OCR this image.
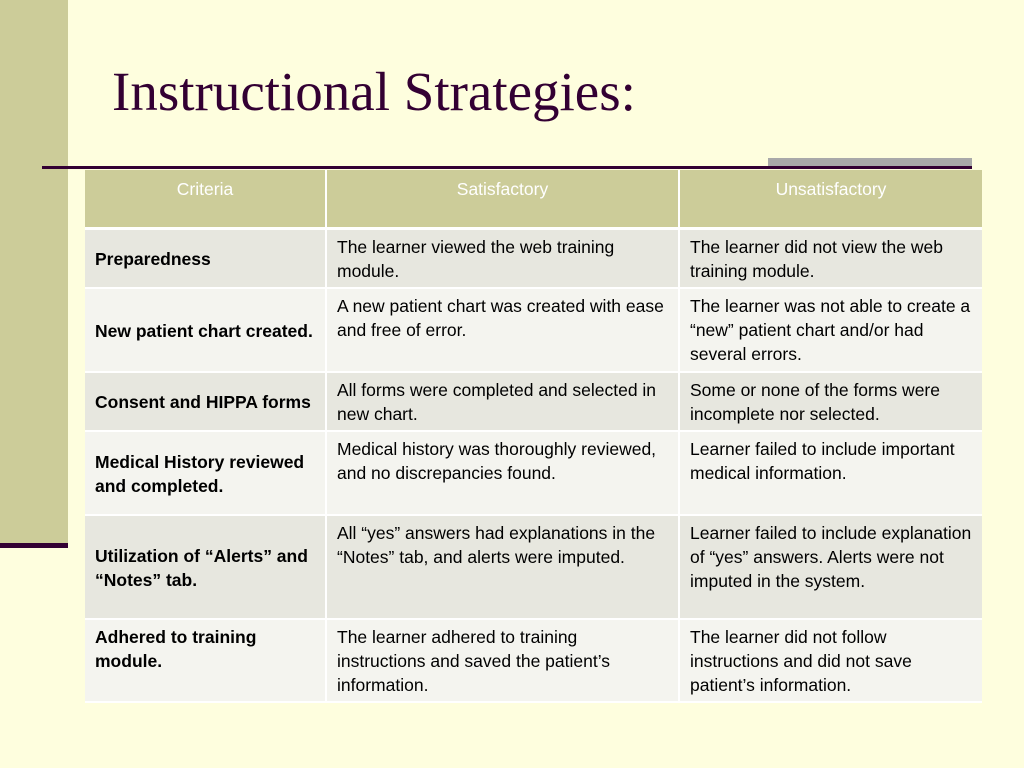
Instructional Strategies:
Criteria	Satisfactory	Unsatisfactory
Preparedness	The learner viewed the web training module.	The learner did not view the web training module.
New patient chart created.	A new patient chart was created with ease and free of error.	The learner was not able to create a “new” patient chart and/or had several errors.
Consent and HIPPA forms	All forms were completed and selected in new chart.	Some or none of the forms were incomplete nor selected.
Medical History reviewed and completed.	Medical history was thoroughly reviewed, and no discrepancies found.	Learner failed to include important medical information.
Utilization of “Alerts” and “Notes” tab.	All “yes” answers had explanations in the “Notes” tab, and alerts were imputed.	Learner failed to include explanation of “yes” answers. Alerts were not imputed in the system.
Adhered to training module.	The learner adhered to training instructions and saved the patient’s information.	The learner did not follow instructions and did not save patient’s information.
